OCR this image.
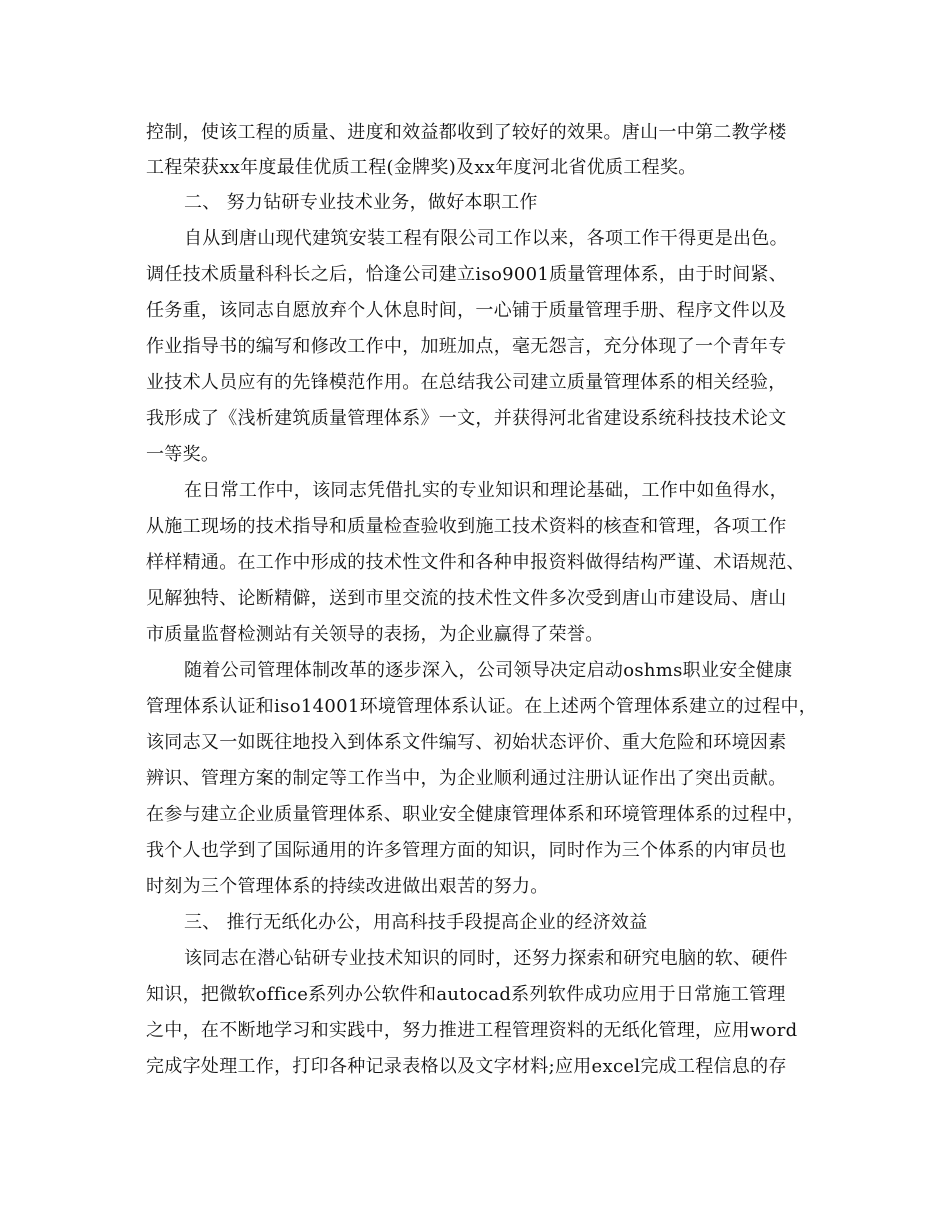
控制，使该工程的质量、进度和效益都收到了较好的效果。唐山一中第二教学楼
工程荣获xx年度最佳优质工程(金牌奖)及xx年度河北省优质工程奖。
二、 努力钻研专业技术业务，做好本职工作
自从到唐山现代建筑安装工程有限公司工作以来，各项工作干得更是出色。
调任技术质量科科长之后，恰逢公司建立iso9001质量管理体系，由于时间紧、
任务重，该同志自愿放弃个人休息时间，一心铺于质量管理手册、程序文件以及
作业指导书的编写和修改工作中，加班加点，毫无怨言，充分体现了一个青年专
业技术人员应有的先锋模范作用。在总结我公司建立质量管理体系的相关经验，
我形成了《浅析建筑质量管理体系》一文，并获得河北省建设系统科技技术论文
一等奖。
在日常工作中，该同志凭借扎实的专业知识和理论基础，工作中如鱼得水，
从施工现场的技术指导和质量检查验收到施工技术资料的核查和管理，各项工作
样样精通。在工作中形成的技术性文件和各种申报资料做得结构严谨、术语规范、
见解独特、论断精僻，送到市里交流的技术性文件多次受到唐山市建设局、唐山
市质量监督检测站有关领导的表扬，为企业赢得了荣誉。
随着公司管理体制改革的逐步深入，公司领导决定启动oshms职业安全健康
管理体系认证和iso14001环境管理体系认证。在上述两个管理体系建立的过程中，
该同志又一如既往地投入到体系文件编写、初始状态评价、重大危险和环境因素
辨识、管理方案的制定等工作当中，为企业顺利通过注册认证作出了突出贡献。
在参与建立企业质量管理体系、职业安全健康管理体系和环境管理体系的过程中，
我个人也学到了国际通用的许多管理方面的知识，同时作为三个体系的内审员也
时刻为三个管理体系的持续改进做出艰苦的努力。
三、 推行无纸化办公，用高科技手段提高企业的经济效益
该同志在潜心钻研专业技术知识的同时，还努力探索和研究电脑的软、硬件
知识，把微软office系列办公软件和autocad系列软件成功应用于日常施工管理
之中，在不断地学习和实践中，努力推进工程管理资料的无纸化管理，应用word
完成字处理工作，打印各种记录表格以及文字材料;应用excel完成工程信息的存
